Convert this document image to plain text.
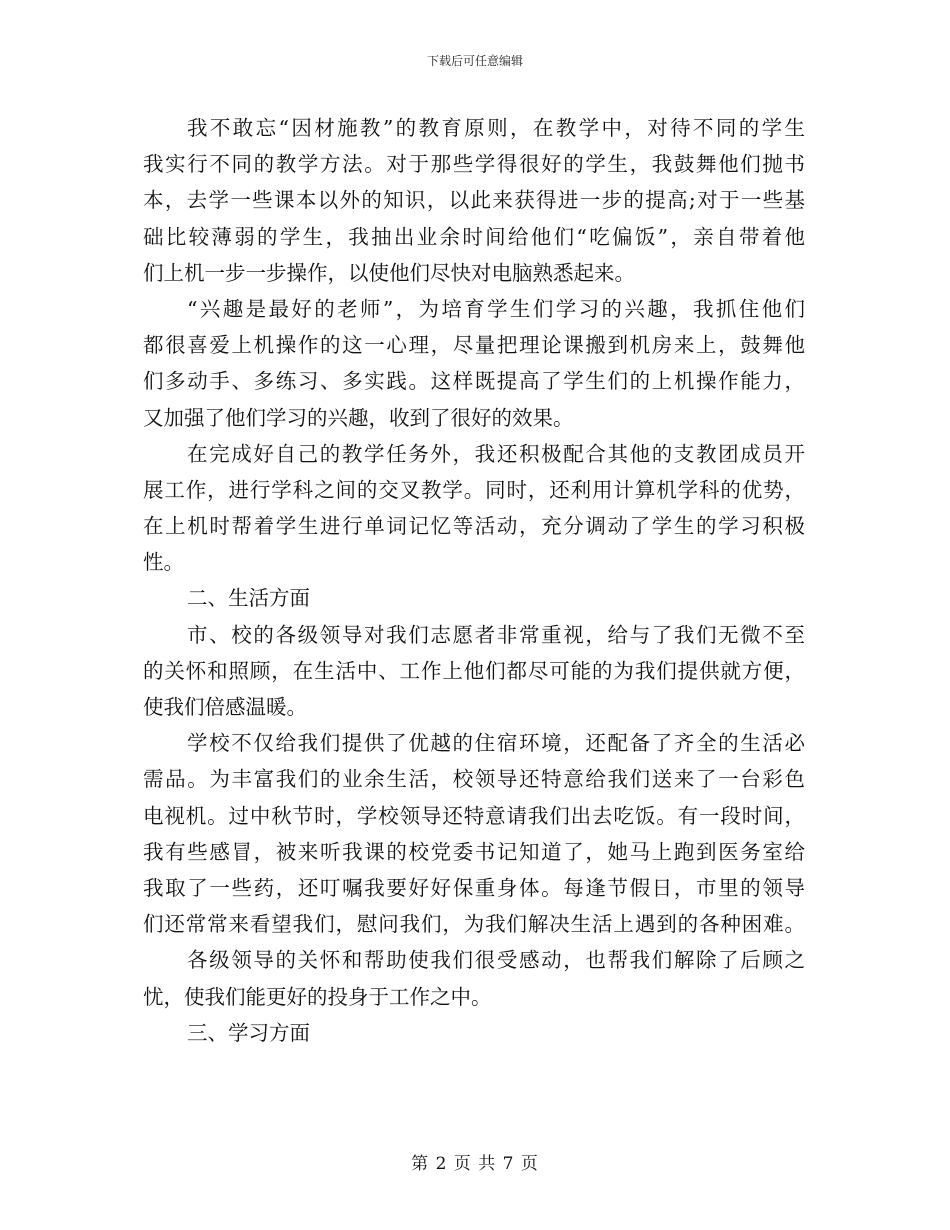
下载后可任意编辑
我不敢忘“因材施教”的教育原则，在教学中，对待不同的学生
我实行不同的教学方法。对于那些学得很好的学生，我鼓舞他们抛书
本，去学一些课本以外的知识，以此来获得进一步的提高;对于一些基
础比较薄弱的学生，我抽出业余时间给他们“吃偏饭”，亲自带着他
们上机一步一步操作，以使他们尽快对电脑熟悉起来。
“兴趣是最好的老师”，为培育学生们学习的兴趣，我抓住他们
都很喜爱上机操作的这一心理，尽量把理论课搬到机房来上，鼓舞他
们多动手、多练习、多实践。这样既提高了学生们的上机操作能力，
又加强了他们学习的兴趣，收到了很好的效果。
在完成好自己的教学任务外，我还积极配合其他的支教团成员开
展工作，进行学科之间的交叉教学。同时，还利用计算机学科的优势，
在上机时帮着学生进行单词记忆等活动，充分调动了学生的学习积极
性。
二、生活方面
市、校的各级领导对我们志愿者非常重视，给与了我们无微不至
的关怀和照顾，在生活中、工作上他们都尽可能的为我们提供就方便，
使我们倍感温暖。
学校不仅给我们提供了优越的住宿环境，还配备了齐全的生活必
需品。为丰富我们的业余生活，校领导还特意给我们送来了一台彩色
电视机。过中秋节时，学校领导还特意请我们出去吃饭。有一段时间，
我有些感冒，被来听我课的校党委书记知道了，她马上跑到医务室给
我取了一些药，还叮嘱我要好好保重身体。每逢节假日，市里的领导
们还常常来看望我们，慰问我们，为我们解决生活上遇到的各种困难。
各级领导的关怀和帮助使我们很受感动，也帮我们解除了后顾之
忧，使我们能更好的投身于工作之中。
三、学习方面
第 2 页 共 7 页
